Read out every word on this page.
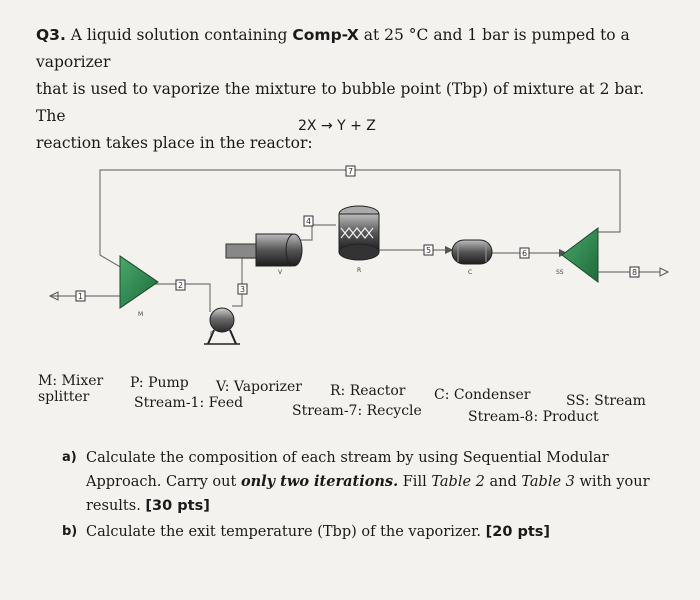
Q3. A liquid solution containing Comp-X at 25 °C and 1 bar is pumped to a vaporizer
that is used to vaporize the mixture to bubble point (Tbp) of mixture at 2 bar. The
reaction takes place in the reactor:
2X → Y + Z
1
2	3
4
5	6
7
8
M
P
V	R	C	SS
M: Mixer
splitter
P: Pump
Stream-1: Feed
V: Vaporizer R: Reactor
Stream-7: Recycle
C: Condenser
Stream-8: Product
SS: Stream
a) Calculate the composition of each stream by using Sequential Modular
Approach. Carry out only two iterations. Fill Table 2 and Table 3 with your
results. [30 pts]
b) Calculate the exit temperature (Tbp) of the vaporizer. [20 pts]
